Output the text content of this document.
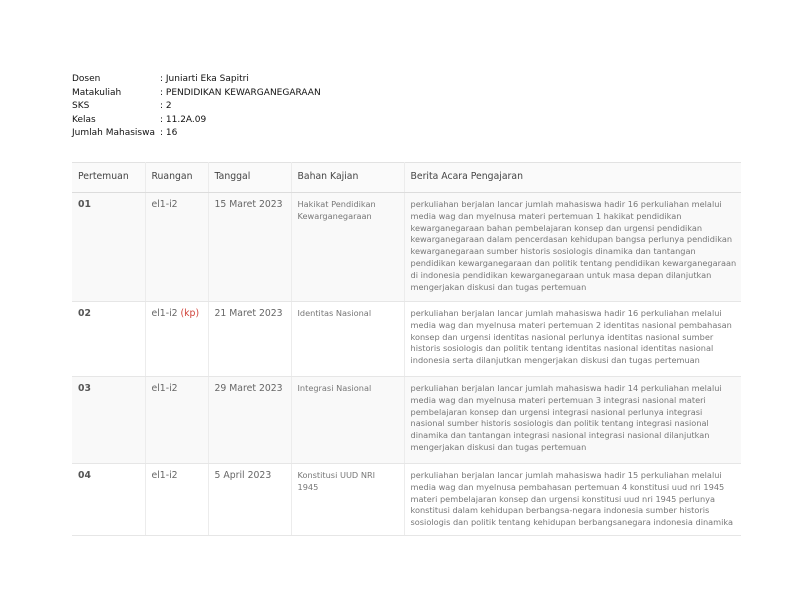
Dosen	: Juniarti Eka Sapitri
Matakuliah	: PENDIDIKAN KEWARGANEGARAAN
SKS	: 2
Kelas	: 11.2A.09
Jumlah Mahasiswa : 16
Pertemuan	Ruangan	Tanggal	Bahan Kajian	Berita Acara Pengajaran
01	el1-i2	15 Maret 2023	Hakikat Pendidikan Kewarganegaraan	perkuliahan berjalan lancar jumlah mahasiswa hadir 16 perkuliahan melalui media wag dan myelnusa materi pertemuan 1 hakikat pendidikan kewarganegaraan bahan pembelajaran konsep dan urgensi pendidikan kewarganegaraan dalam pencerdasan kehidupan bangsa perlunya pendidikan kewarganegaraan sumber historis sosiologis dinamika dan tantangan pendidikan kewarganegaraan dan politik tentang pendidikan kewarganegaraan di indonesia pendidikan kewarganegaraan untuk masa depan dilanjutkan mengerjakan diskusi dan tugas pertemuan
02	el1-i2 (kp)	21 Maret 2023	Identitas Nasional	perkuliahan berjalan lancar jumlah mahasiswa hadir 16 perkuliahan melalui media wag dan myelnusa materi pertemuan 2 identitas nasional pembahasan konsep dan urgensi identitas nasional perlunya identitas nasional sumber historis sosiologis dan politik tentang identitas nasional identitas nasional indonesia serta dilanjutkan mengerjakan diskusi dan tugas pertemuan
03	el1-i2	29 Maret 2023	Integrasi Nasional	perkuliahan berjalan lancar jumlah mahasiswa hadir 14 perkuliahan melalui media wag dan myelnusa materi pertemuan 3 integrasi nasional materi pembelajaran konsep dan urgensi integrasi nasional perlunya integrasi nasional sumber historis sosiologis dan politik tentang integrasi nasional dinamika dan tantangan integrasi nasional integrasi nasional dilanjutkan mengerjakan diskusi dan tugas pertemuan
04	el1-i2	5 April 2023	Konstitusi UUD NRI 1945	perkuliahan berjalan lancar jumlah mahasiswa hadir 15 perkuliahan melalui media wag dan myelnusa pembahasan pertemuan 4 konstitusi uud nri 1945 materi pembelajaran konsep dan urgensi konstitusi uud nri 1945 perlunya konstitusi dalam kehidupan berbangsa-negara indonesia sumber historis sosiologis dan politik tentang kehidupan berbangsanegara indonesia dinamika
